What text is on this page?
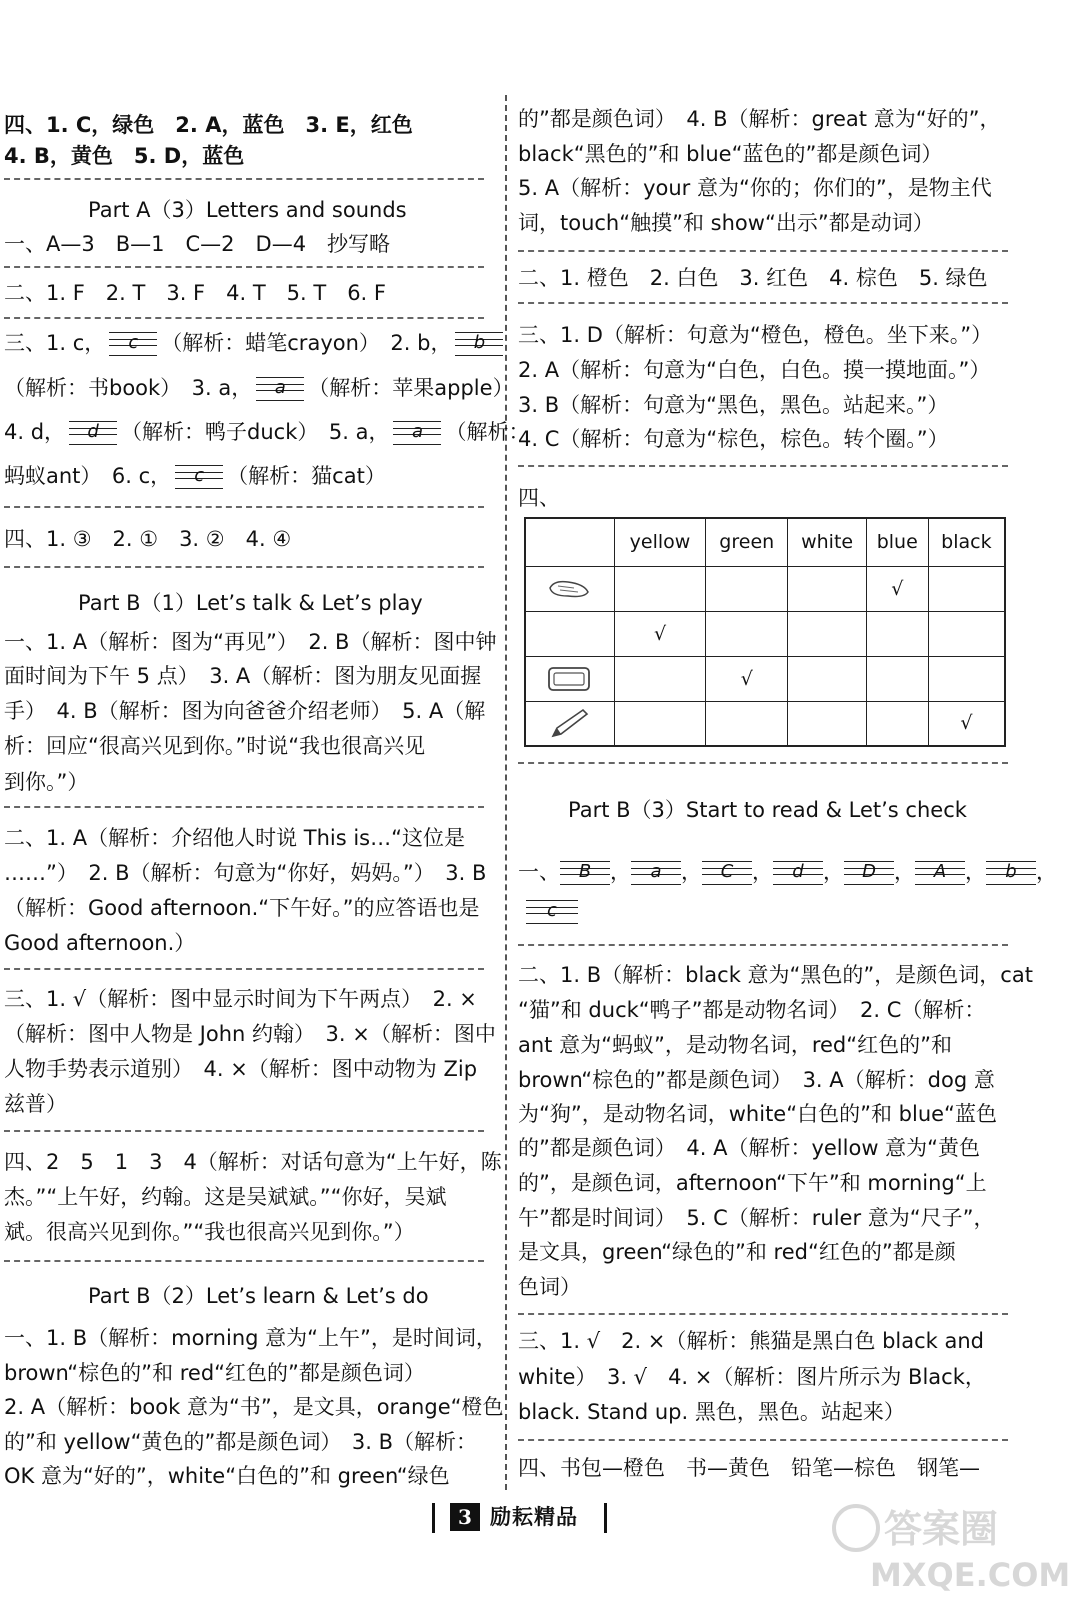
四、1. C，绿色　2. A，蓝色　3. E，红色
4. B，黄色　5. D，蓝色
Part A（3）Letters and sounds
一、A—3　B—1　C—2　D—4　抄写略
二、1. F　2. T　3. F　4. T　5. T　6. F
三、1. c，	c	（解析：蜡笔crayon）　2. b，	b
（解析：书book）　3. a，	a	（解析：苹果apple）
4. d，	d	（解析：鸭子duck）　5. a，	a	（解析：
蚂蚁ant）　6. c，	c	（解析：猫cat）
四、1. ③　2. ①　3. ②　4. ④
Part B（1）Let’s talk & Let’s play
一、1. A（解析：图为“再见”）　2. B（解析：图中钟
面时间为下午 5 点）　3. A（解析：图为朋友见面握
手）　4. B（解析：图为向爸爸介绍老师）　5. A（解
析：回应“很高兴见到你。”时说“我也很高兴见
到你。”）
二、1. A（解析：介绍他人时说 This is…“这位是
……”）　2. B（解析：句意为“你好，妈妈。”）　3. B
（解析：Good afternoon.“下午好。”的应答语也是
Good afternoon.）
三、1. √（解析：图中显示时间为下午两点）　2. ×
（解析：图中人物是 John 约翰）　3. ×（解析：图中
人物手势表示道别）　4. ×（解析：图中动物为 Zip
兹普）
四、2　5　1　3　4（解析：对话句意为“上午好，陈
杰。”“上午好，约翰。这是吴斌斌。”“你好，吴斌
斌。很高兴见到你。”“我也很高兴见到你。”）
Part B（2）Let’s learn & Let’s do
一、1. B（解析：morning 意为“上午”，是时间词，
brown“棕色的”和 red“红色的”都是颜色词）
2. A（解析：book 意为“书”，是文具，orange“橙色
的”和 yellow“黄色的”都是颜色词）　3. B（解析：
OK 意为“好的”，white“白色的”和 green“绿色
的”都是颜色词）　4. B（解析：great 意为“好的”，
black“黑色的”和 blue“蓝色的”都是颜色词）
5. A（解析：your 意为“你的；你们的”，是物主代
词，touch“触摸”和 show“出示”都是动词）
二、1. 橙色　2. 白色　3. 红色　4. 棕色　5. 绿色
三、1. D（解析：句意为“橙色，橙色。坐下来。”）
2. A（解析：句意为“白色，白色。摸一摸地面。”）
3. B（解析：句意为“黑色，黑色。站起来。”）
4. C（解析：句意为“棕色，棕色。转个圈。”）
四、
	yellow	green	white	blue	black
				√	
	√				
		√			
					√
Part B（3）Start to read & Let’s check
一、	B ，	a ，	C ，	d ，	D ，	A ，	b ，
c
二、1. B（解析：black 意为“黑色的”，是颜色词，cat
“猫”和 duck“鸭子”都是动物名词）　2. C（解析：
ant 意为“蚂蚁”，是动物名词，red“红色的”和
brown“棕色的”都是颜色词）　3. A（解析：dog 意
为“狗”，是动物名词，white“白色的”和 blue“蓝色
的”都是颜色词）　4. A（解析：yellow 意为“黄色
的”，是颜色词，afternoon“下午”和 morning“上
午”都是时间词）　5. C（解析：ruler 意为“尺子”，
是文具，green“绿色的”和 red“红色的”都是颜
色词）
三、1. √　2. ×（解析：熊猫是黑白色 black and
white）　3. √　4. ×（解析：图片所示为 Black，
black. Stand up. 黑色，黑色。站起来）
四、书包—橙色　书—黄色　铅笔—棕色　钢笔—
3 励耘精品	答案圈
MXQE.COM
